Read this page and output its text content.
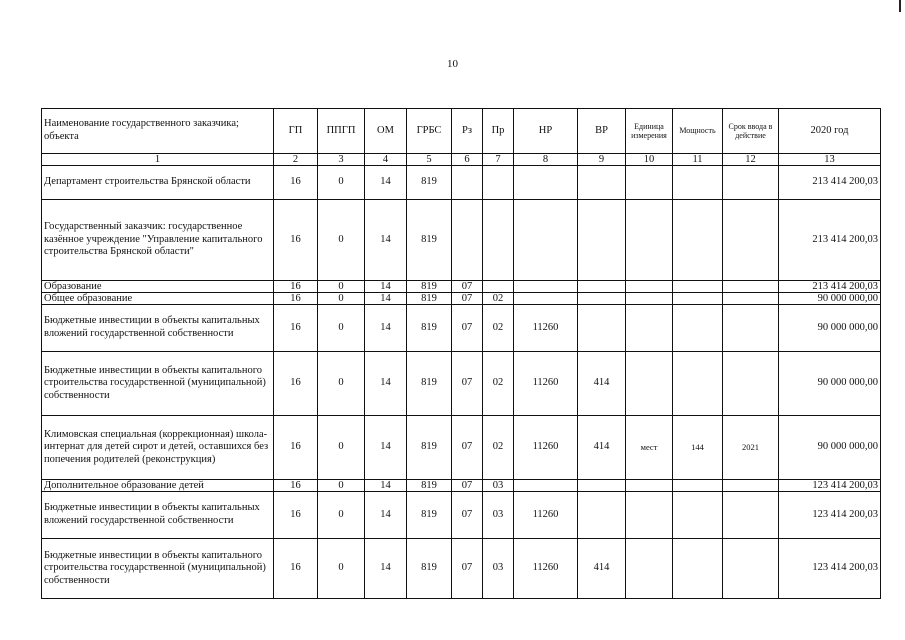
10
Наименование государственного заказчика; объекта	ГП	ППГП	ОМ	ГРБС	Рз	Пр	НР	ВР	Единица измерения	Мощность	Срок ввода в действие	2020 год
1	2	3	4	5	6	7	8	9	10	11	12	13
Департамент строительства Брянской области	16	0	14	819								213 414 200,03
Государственный заказчик: государственное казённое учреждение "Управление капитального строительства Брянской области"	16	0	14	819								213 414 200,03
Образование	16	0	14	819	07							213 414 200,03
Общее образование	16	0	14	819	07	02						90 000 000,00
Бюджетные инвестиции в объекты капитальных вложений государственной собственности	16	0	14	819	07	02	11260					90 000 000,00
Бюджетные инвестиции в объекты капитального строительства государственной (муниципальной) собственности	16	0	14	819	07	02	11260	414				90 000 000,00
Климовская специальная (коррекционная) школа-интернат для детей сирот и детей, оставшихся без попечения родителей (реконструкция)	16	0	14	819	07	02	11260	414	мест	144	2021	90 000 000,00
Дополнительное образование детей	16	0	14	819	07	03						123 414 200,03
Бюджетные инвестиции в объекты капитальных вложений государственной собственности	16	0	14	819	07	03	11260					123 414 200,03
Бюджетные инвестиции в объекты капитального строительства государственной (муниципальной) собственности	16	0	14	819	07	03	11260	414				123 414 200,03
